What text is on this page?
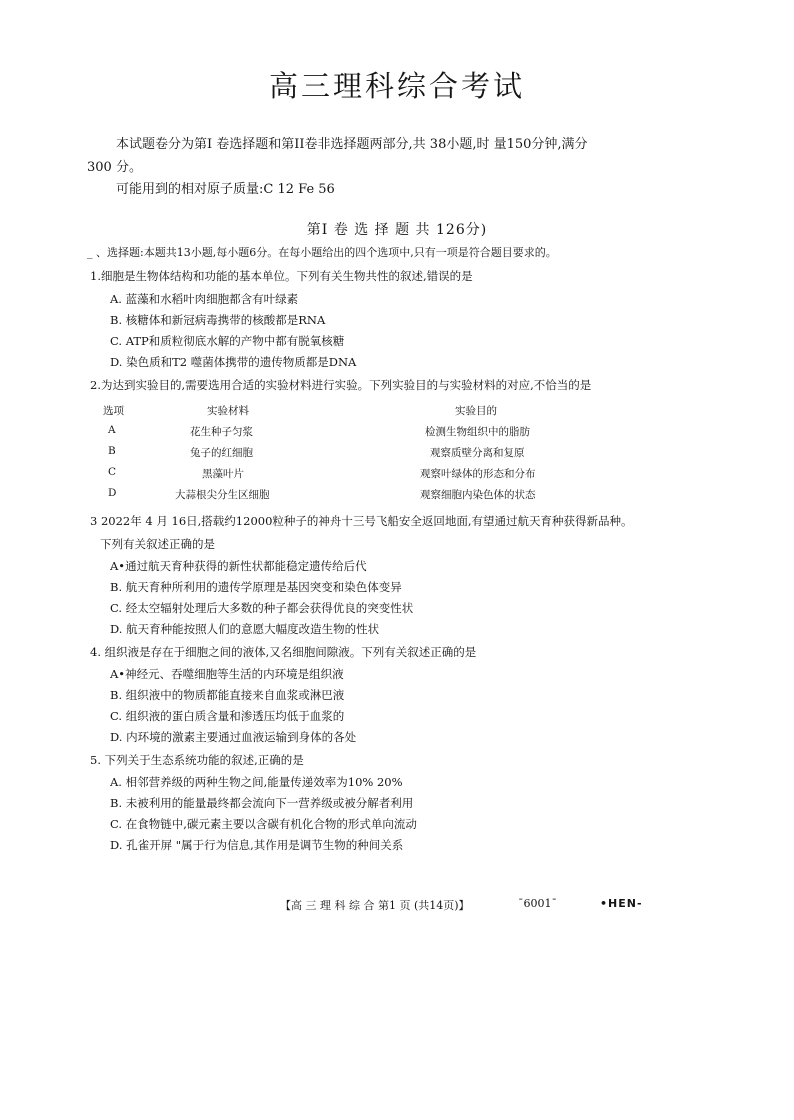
高三理科综合考试
本试题卷分为第I 卷选择题和第II卷非选择题两部分,共 38小题,时 量150分钟,满分
300 分。
可能用到的相对原子质量:C 12 Fe 56
第I 卷 选 择 题 共 126分)
_ 、选择题:本题共13小题,每小题6分。在每小题给出的四个选项中,只有一项是符合题目要求的。
1.细胞是生物体结构和功能的基本单位。下列有关生物共性的叙述,错误的是
A. 蓝藻和水稻叶肉细胞都含有叶绿素
B. 核糖体和新冠病毒携带的核酸都是RNA
C. ATP和质粒彻底水解的产物中都有脱氧核糖
D. 染色质和T2 噬菌体携带的遗传物质都是DNA
2.为达到实验目的,需要选用合适的实验材料进行实验。下列实验目的与实验材料的对应,不恰当的是
选项	实验材料	实验目的
A	花生种子匀浆	检测生物组织中的脂肪
B	兔子的红细胞	观察质壁分离和复原
C	黑藻叶片	观察叶绿体的形态和分布
D	大蒜根尖分生区细胞	观察细胞内染色体的状态
3 2022年 4 月 16日,搭载约12000粒种子的神舟十三号飞船安全返回地面,有望通过航天育种获得新品种。
下列有关叙述正确的是
A•通过航天育种获得的新性状都能稳定遗传给后代
B. 航天育种所利用的遗传学原理是基因突变和染色体变异
C. 经太空辐射处理后大多数的种子都会获得优良的突变性状
D. 航天育种能按照人们的意愿大幅度改造生物的性状
4. 组织液是存在于细胞之间的液体,又名细胞间隙液。下列有关叙述正确的是
A•神经元、吞噬细胞等生活的内环境是组织液
B. 组织液中的物质都能直接来自血浆或淋巴液
C. 组织液的蛋白质含量和渗透压均低于血浆的
D. 内环境的激素主要通过血液运输到身体的各处
5. 下列关于生态系统功能的叙述,正确的是
A. 相邻营养级的两种生物之间,能量传递效率为10% 20%
B. 未被利用的能量最终都会流向下一营养级或被分解者利用
C. 在食物链中,碳元素主要以含碳有机化合物的形式单向流动
D. 孔雀开屏 "属于行为信息,其作用是调节生物的种间关系
【高 三 理 科 综 合 第1 页 (共14页)】	ˉ6001ˉ	•HEN-
